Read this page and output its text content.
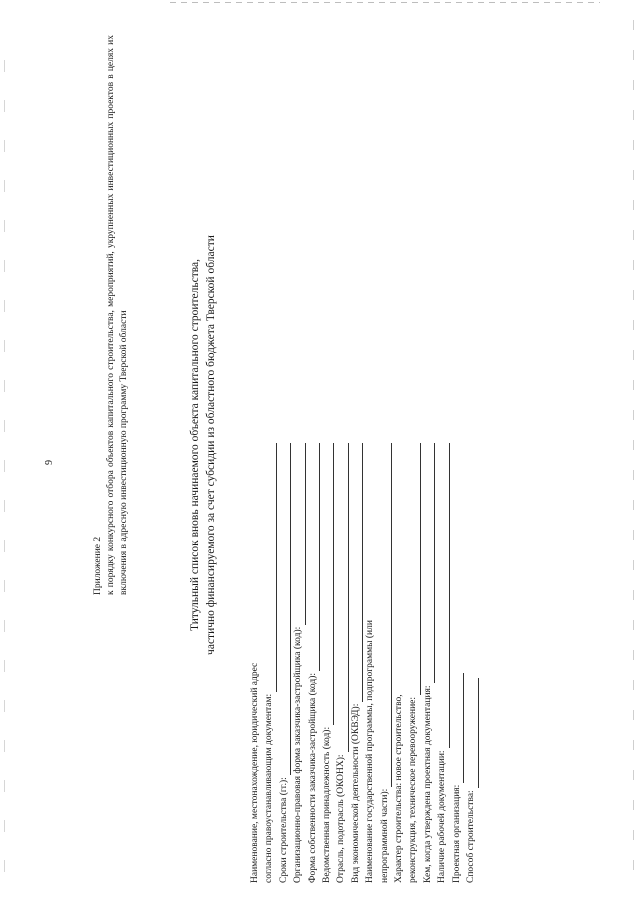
9
Приложение 2 к порядку конкурсного отбора объектов капитального строительства, мероприятий, укрупненных инвестиционных проектов в целях их включения в адресную инвестиционную программу Тверской области	Титульный список вновь начинаемого объекта капитального строительства, частично финансируемого за счет субсидии из областного бюджета Тверской области
Наименование, местонахождение, юридический адрес согласно правоустанавливающим документам: Сроки строительства (гг.): Организационно-правовая форма заказчика-застройщика (код): Форма собственности заказчика-застройщика (код): Ведомственная принадлежность (код): Отрасль, подотрасль (ОКОНХ): Вид экономической деятельности (ОКВЭД): Наименование государственной программы, подпрограммы (или непрограммной части): Характер строительства: новое строительство, реконструкция, техническое перевооружение: Кем, когда утверждена проектная документация: Наличие рабочей документации: Проектная организация: Способ строительства:
